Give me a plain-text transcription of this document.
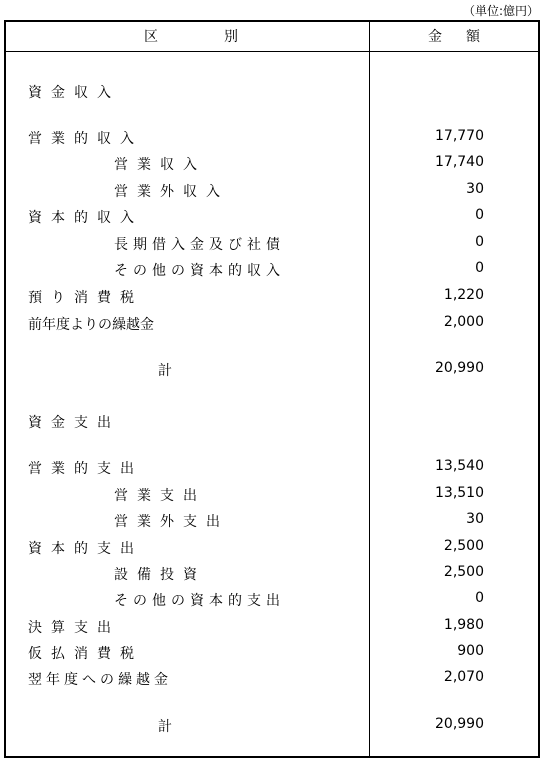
（単位:億円）
区別	金額
資金収入
営業的収入	17,770
営業収入	17,740
営業外収入	30
資本的収入	0
長期借入金及び社債	0
その他の資本的収入	0
預り消費税	1,220
前年度よりの繰越金	2,000
計	20,990
資金支出
営業的支出	13,540
営業支出	13,510
営業外支出	30
資本的支出	2,500
設備投資	2,500
その他の資本的支出	0
決算支出	1,980
仮払消費税	900
翌年度への繰越金	2,070
計	20,990
